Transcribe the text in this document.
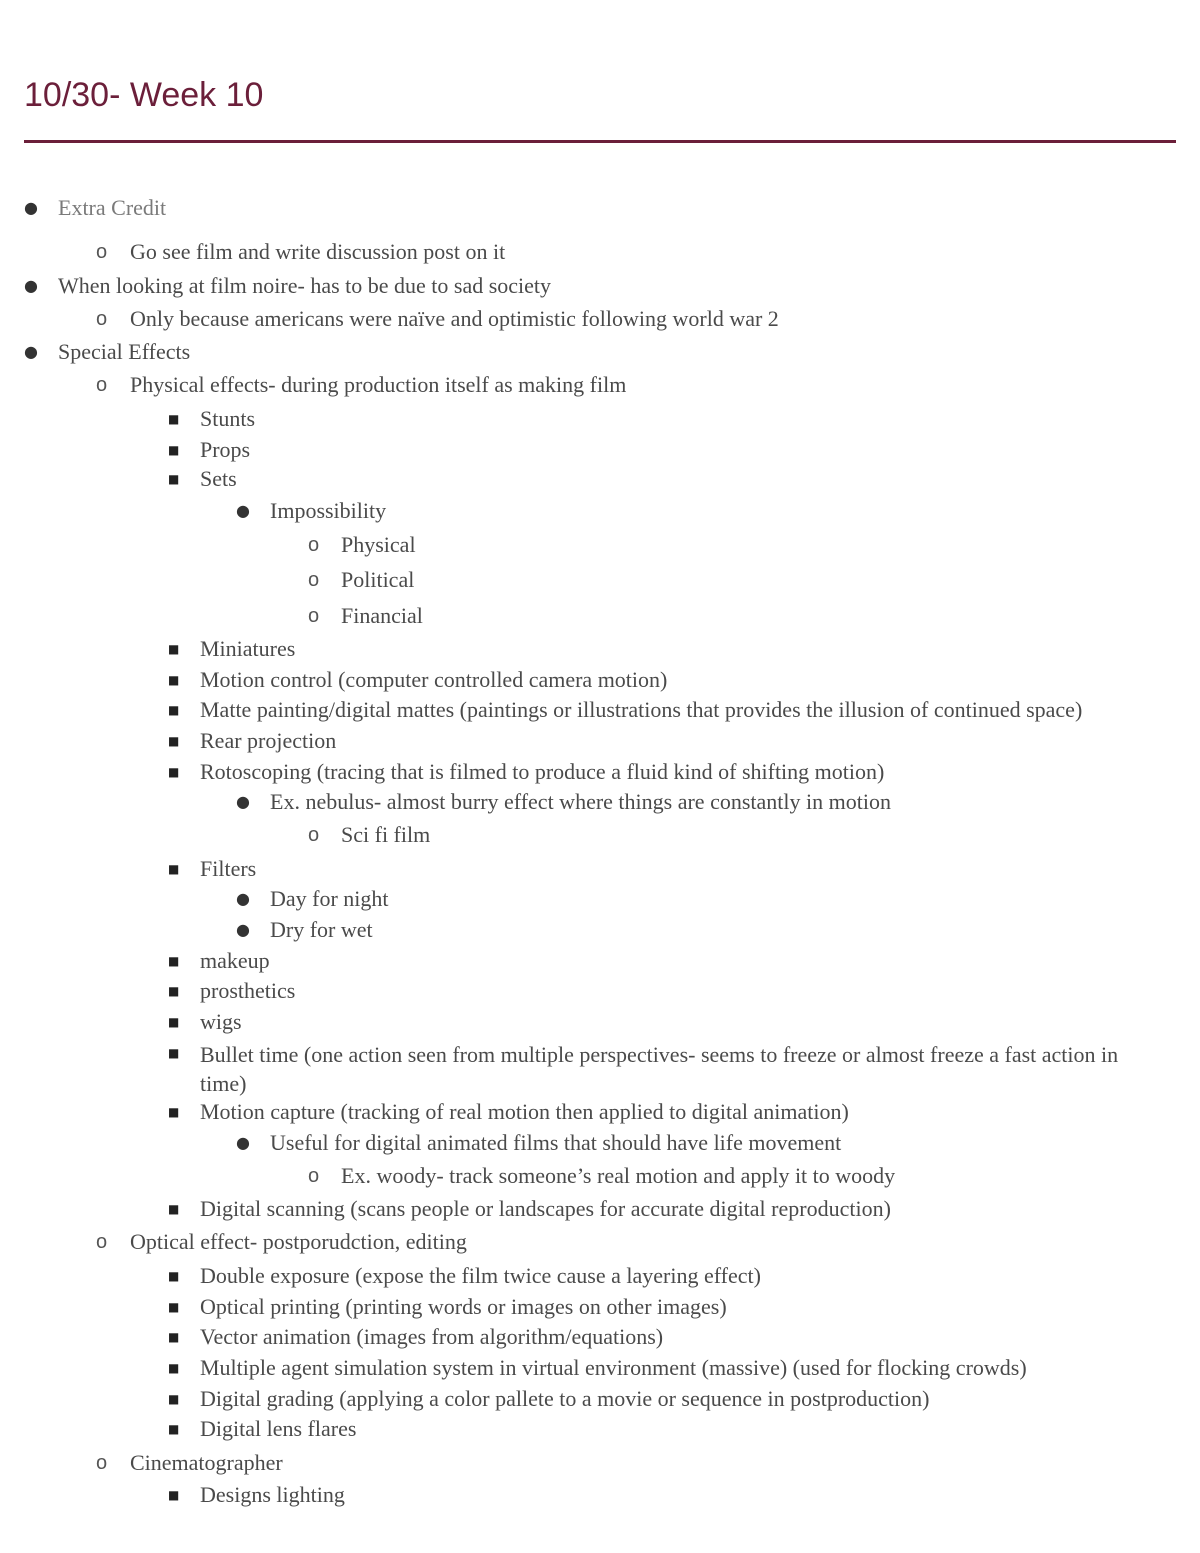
10/30- Week 10
● Extra Credit
o Go see film and write discussion post on it
● When looking at film noire- has to be due to sad society
o Only because americans were naïve and optimistic following world war 2
● Special Effects
o Physical effects- during production itself as making film
■ Stunts
■ Props
■ Sets
● Impossibility
o Physical
o Political
o Financial
■ Miniatures
■ Motion control (computer controlled camera motion)
■ Matte painting/digital mattes (paintings or illustrations that provides the illusion of continued space)
■ Rear projection
■ Rotoscoping (tracing that is filmed to produce a fluid kind of shifting motion)
● Ex. nebulus- almost burry effect where things are constantly in motion
o Sci fi film
■ Filters
● Day for night
● Dry for wet
■ makeup
■ prosthetics
■ wigs
■ Bullet time (one action seen from multiple perspectives- seems to freeze or almost freeze a fast action in time)
■ Motion capture (tracking of real motion then applied to digital animation)
● Useful for digital animated films that should have life movement
o Ex. woody- track someone’s real motion and apply it to woody
■ Digital scanning (scans people or landscapes for accurate digital reproduction)
o Optical effect- postporudction, editing
■ Double exposure (expose the film twice cause a layering effect)
■ Optical printing (printing words or images on other images)
■ Vector animation (images from algorithm/equations)
■ Multiple agent simulation system in virtual environment (massive) (used for flocking crowds)
■ Digital grading (applying a color pallete to a movie or sequence in postproduction)
■ Digital lens flares
o Cinematographer
■ Designs lighting
